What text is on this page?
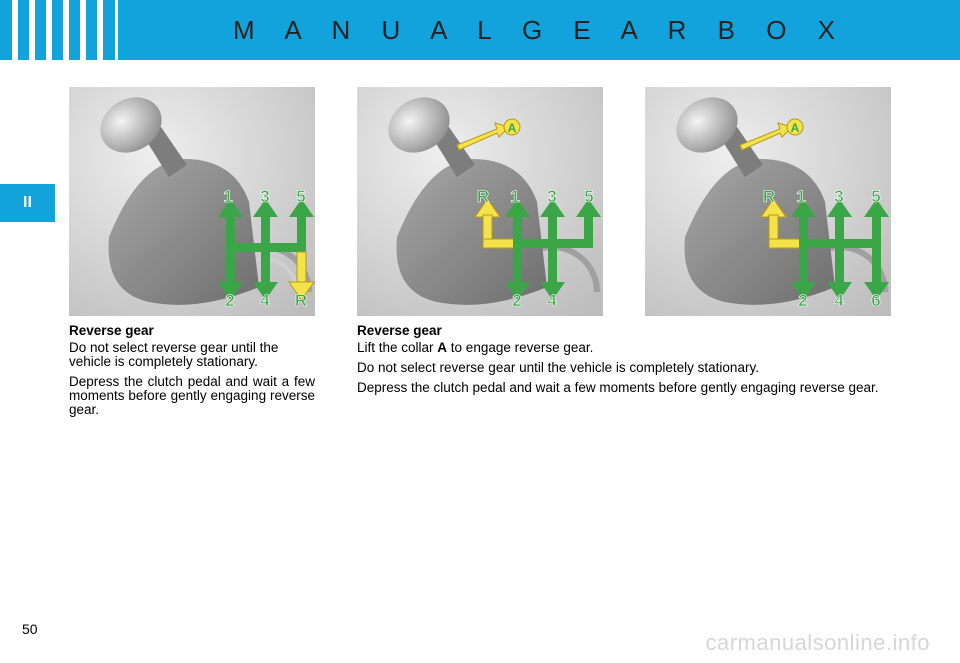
M A N U A L G E A R B O X
II	1 3 5
2 4 R
A
R 1 3 5
2 4
A
R 1 3 5
2 4 6

Reverse gear

Do not select reverse gear until the vehicle is completely stationary.

Depress the clutch pedal and wait a few moments before gently engaging reverse gear.

Reverse gear

Lift the collar A to engage reverse gear.

Do not select reverse gear until the vehicle is completely stationary.

Depress the clutch pedal and wait a few moments before gently engaging reverse gear.

50
carmanualsonline.info
